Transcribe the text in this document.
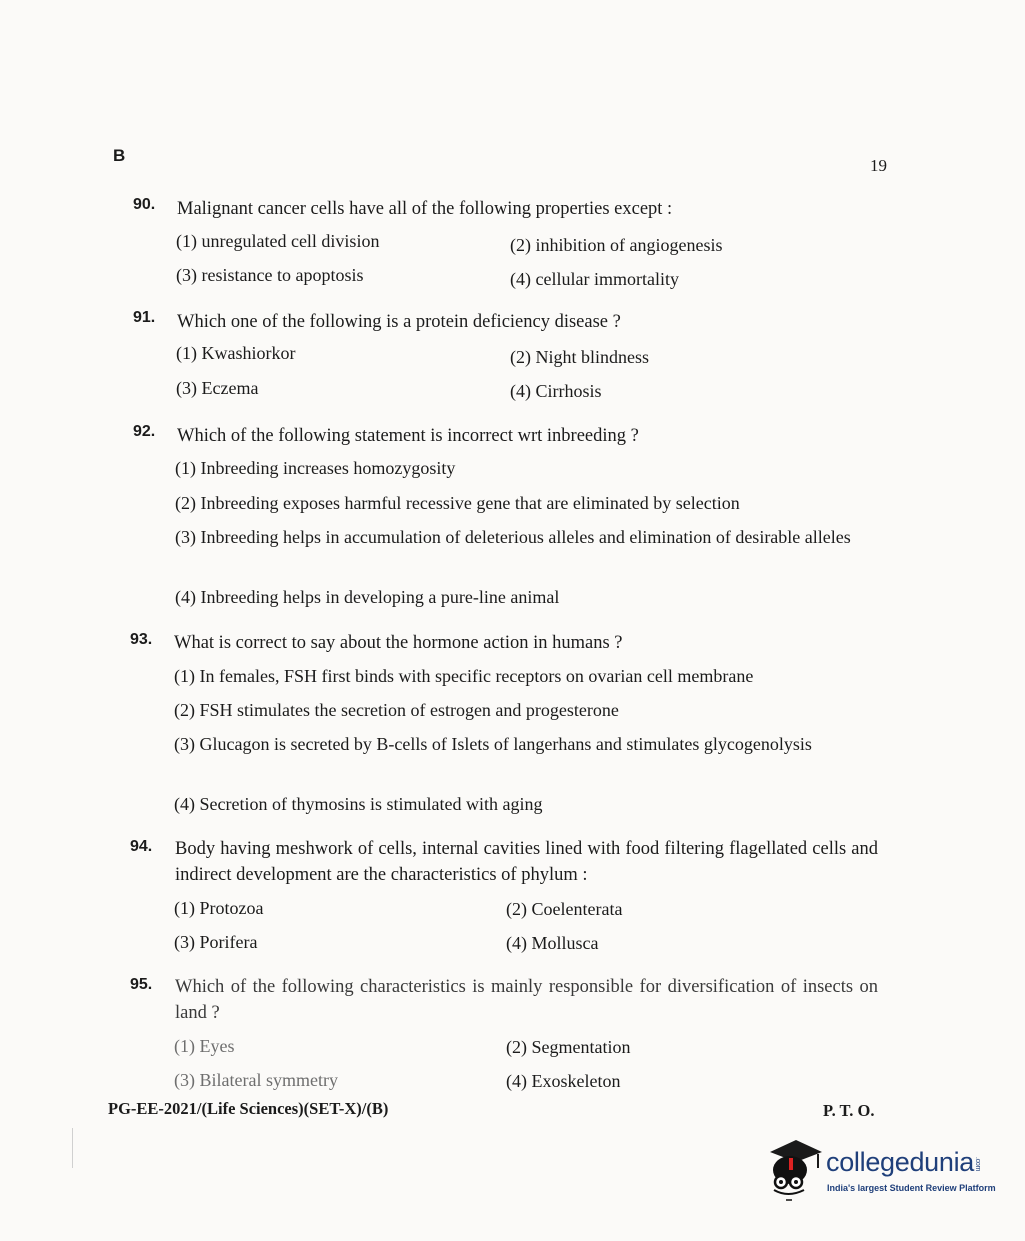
B
19
90. Malignant cancer cells have all of the following properties except :
(1) unregulated cell division	(2) inhibition of angiogenesis
(3) resistance to apoptosis	(4) cellular immortality
91. Which one of the following is a protein deficiency disease ?
(1) Kwashiorkor	(2) Night blindness
(3) Eczema	(4) Cirrhosis
92. Which of the following statement is incorrect wrt inbreeding ?
(1) Inbreeding increases homozygosity
(2) Inbreeding exposes harmful recessive gene that are eliminated by selection
(3) Inbreeding helps in accumulation of deleterious alleles and elimination of desirable alleles
(4) Inbreeding helps in developing a pure-line animal
93. What is correct to say about the hormone action in humans ?
(1) In females, FSH first binds with specific receptors on ovarian cell membrane
(2) FSH stimulates the secretion of estrogen and progesterone
(3) Glucagon is secreted by B-cells of Islets of langerhans and stimulates glycogenolysis
(4) Secretion of thymosins is stimulated with aging
94. Body having meshwork of cells, internal cavities lined with food filtering flagellated cells and indirect development are the characteristics of phylum :
(1) Protozoa	(2) Coelenterata
(3) Porifera	(4) Mollusca
95. Which of the following characteristics is mainly responsible for diversification of insects on land ?
(1) Eyes	(2) Segmentation
(3) Bilateral symmetry	(4) Exoskeleton
PG-EE-2021/(Life Sciences)(SET-X)/(B)	P. T. O.
collegedunia.com
India's largest Student Review Platform
